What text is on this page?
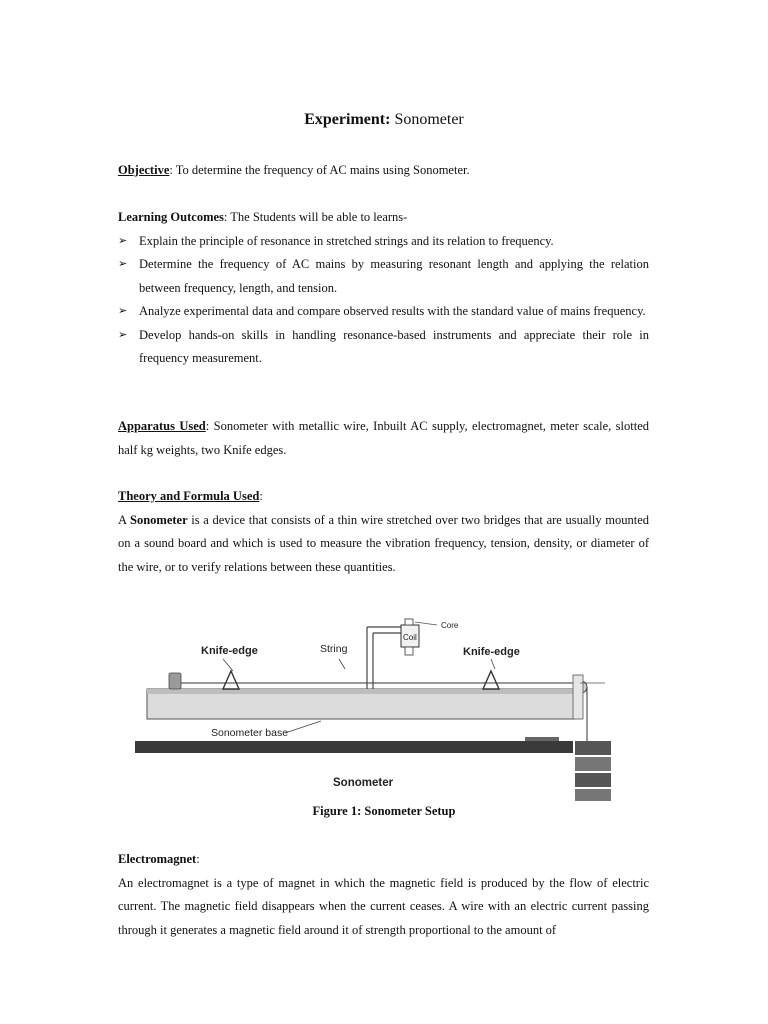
Experiment: Sonometer
Objective: To determine the frequency of AC mains using Sonometer.
Learning Outcomes: The Students will be able to learns-
➢ Explain the principle of resonance in stretched strings and its relation to frequency.
➢ Determine the frequency of AC mains by measuring resonant length and applying the relation between frequency, length, and tension.
➢ Analyze experimental data and compare observed results with the standard value of mains frequency.
➢ Develop hands-on skills in handling resonance-based instruments and appreciate their role in frequency measurement.
Apparatus Used: Sonometer with metallic wire, Inbuilt AC supply, electromagnet, meter scale, slotted half kg weights, two Knife edges.
Theory and Formula Used:
A Sonometer is a device that consists of a thin wire stretched over two bridges that are usually mounted on a sound board and which is used to measure the vibration frequency, tension, density, or diameter of the wire, or to verify relations between these quantities.
Knife-edge	String
Coil
Core
Knife-edge
Sonometer base
Sonometer
Figure 1: Sonometer Setup
Electromagnet:
An electromagnet is a type of magnet in which the magnetic field is produced by the flow of electric current. The magnetic field disappears when the current ceases. A wire with an electric current passing through it generates a magnetic field around it of strength proportional to the amount of
